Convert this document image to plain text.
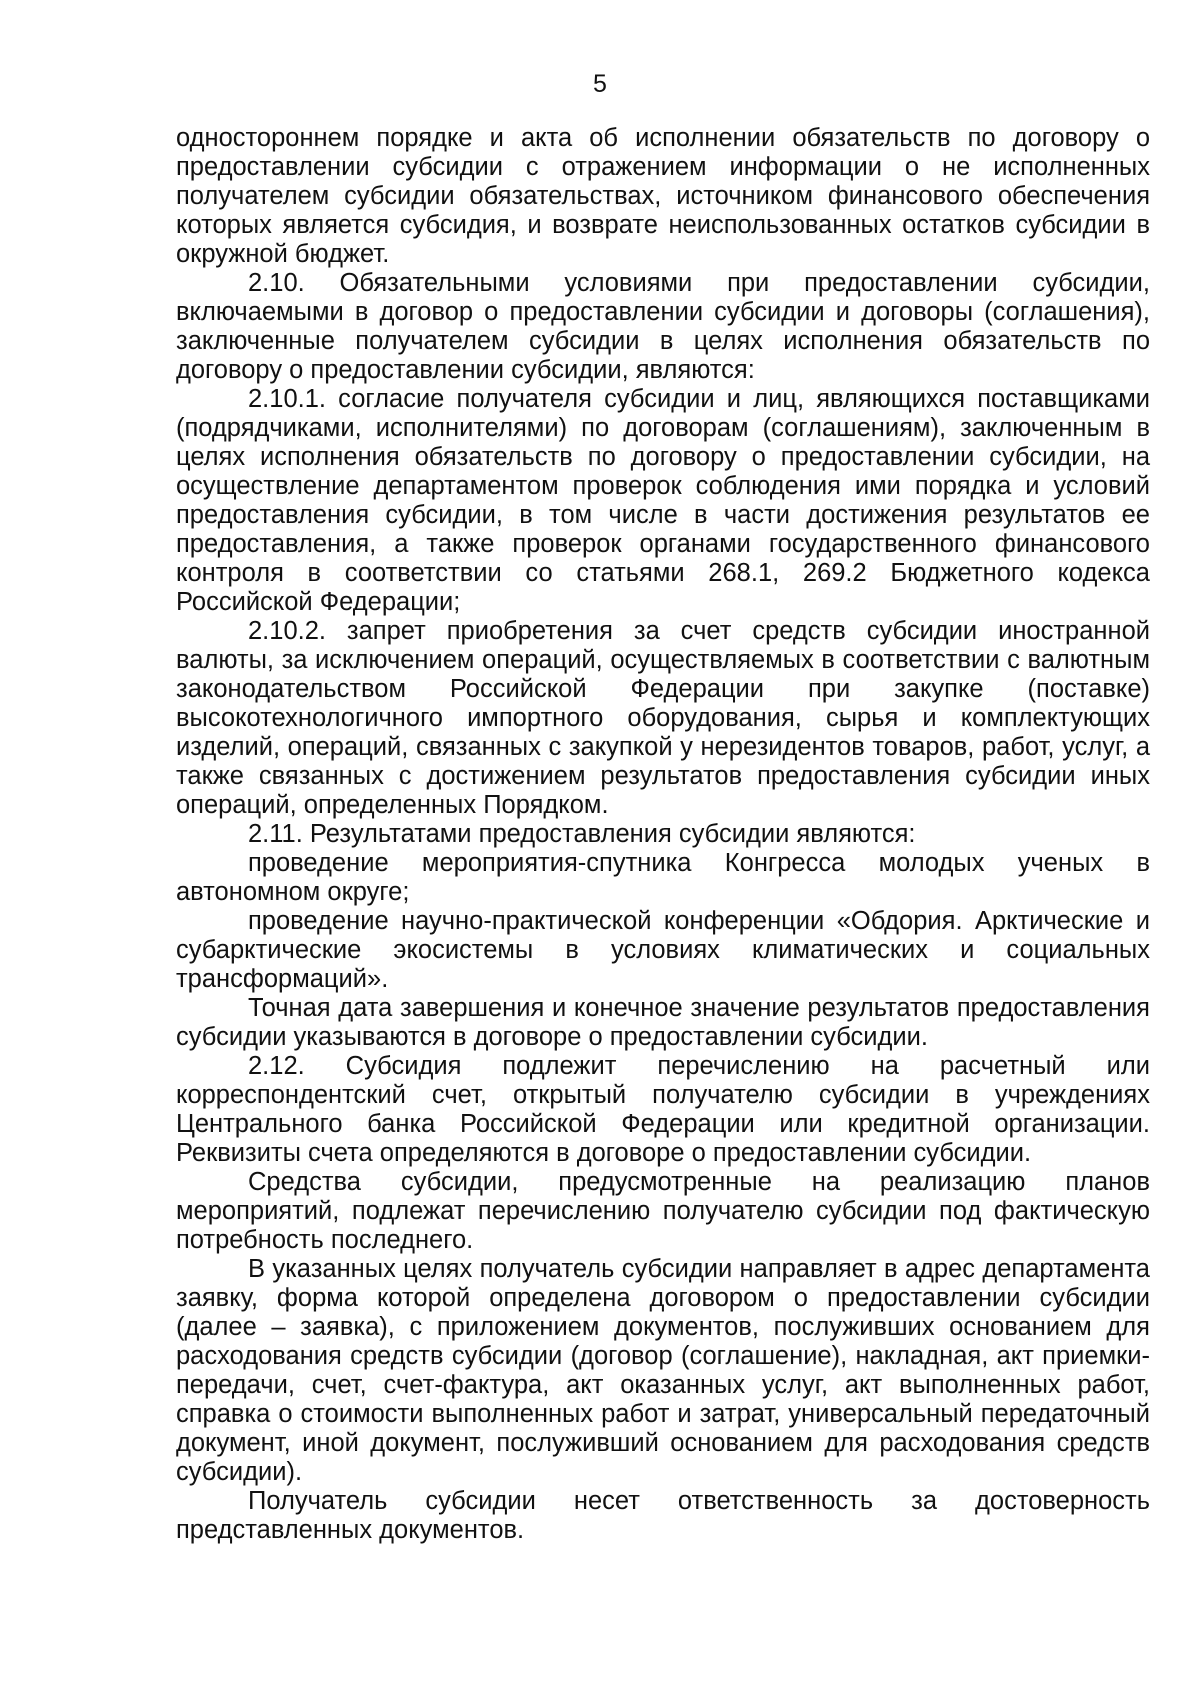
5

одностороннем порядке и акта об исполнении обязательств по договору о предоставлении субсидии с отражением информации о не исполненных получателем субсидии обязательствах, источником финансового обеспечения которых является субсидия, и возврате неиспользованных остатков субсидии в окружной бюджет.

2.10. Обязательными условиями при предоставлении субсидии, включаемыми в договор о предоставлении субсидии и договоры (соглашения), заключенные получателем субсидии в целях исполнения обязательств по договору о предоставлении субсидии, являются:

2.10.1. согласие получателя субсидии и лиц, являющихся поставщиками (подрядчиками, исполнителями) по договорам (соглашениям), заключенным в целях исполнения обязательств по договору о предоставлении субсидии, на осуществление департаментом проверок соблюдения ими порядка и условий предоставления субсидии, в том числе в части достижения результатов ее предоставления, а также проверок органами государственного финансового контроля в соответствии со статьями 268.1, 269.2 Бюджетного кодекса Российской Федерации;

2.10.2. запрет приобретения за счет средств субсидии иностранной валюты, за исключением операций, осуществляемых в соответствии с валютным законодательством Российской Федерации при закупке (поставке) высокотехнологичного импортного оборудования, сырья и комплектующих изделий, операций, связанных с закупкой у нерезидентов товаров, работ, услуг, а также связанных с достижением результатов предоставления субсидии иных операций, определенных Порядком.

2.11. Результатами предоставления субсидии являются:

проведение мероприятия-спутника Конгресса молодых ученых в автономном округе;

проведение научно-практической конференции «Обдория. Арктические и субарктические экосистемы в условиях климатических и социальных трансформаций».

Точная дата завершения и конечное значение результатов предоставления субсидии указываются в договоре о предоставлении субсидии.

2.12. Субсидия подлежит перечислению на расчетный или корреспондентский счет, открытый получателю субсидии в учреждениях Центрального банка Российской Федерации или кредитной организации. Реквизиты счета определяются в договоре о предоставлении субсидии.

Средства субсидии, предусмотренные на реализацию планов мероприятий, подлежат перечислению получателю субсидии под фактическую потребность последнего.

В указанных целях получатель субсидии направляет в адрес департамента заявку, форма которой определена договором о предоставлении субсидии (далее – заявка), с приложением документов, послуживших основанием для расходования средств субсидии (договор (соглашение), накладная, акт приемки-передачи, счет, счет-фактура, акт оказанных услуг, акт выполненных работ, справка о стоимости выполненных работ и затрат, универсальный передаточный документ, иной документ, послуживший основанием для расходования средств субсидии).

Получатель субсидии несет ответственность за достоверность представленных документов.
